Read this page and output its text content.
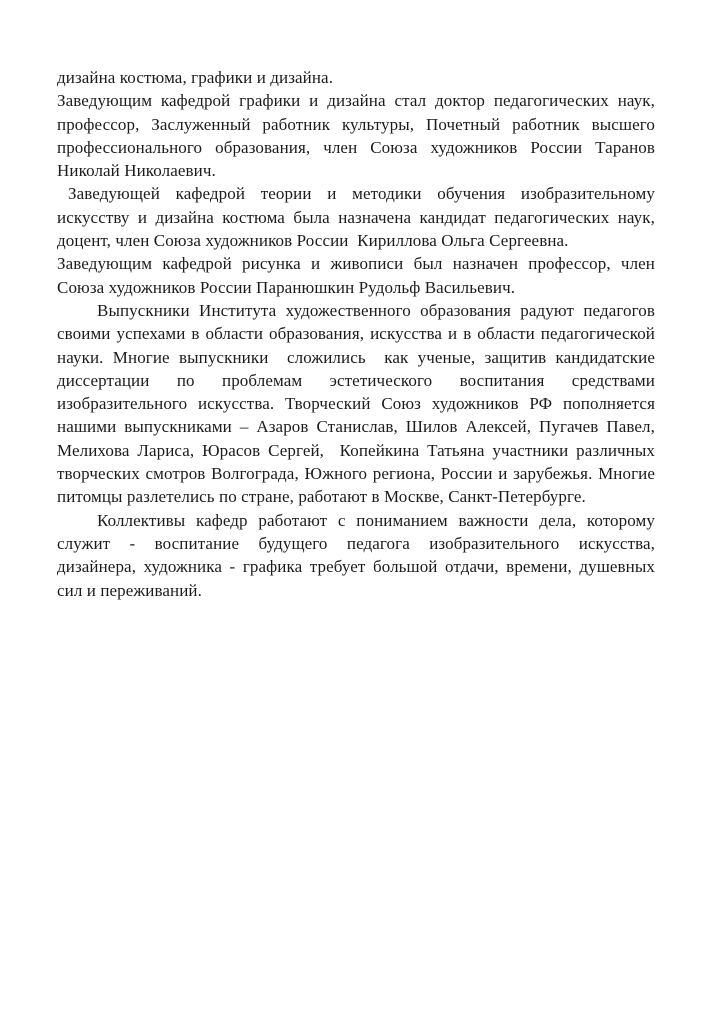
дизайна костюма, графики и дизайна.
Заведующим кафедрой графики и дизайна стал доктор педагогических наук,
профессор, Заслуженный работник культуры, Почетный работник высшего
профессионального образования, член Союза художников России Таранов
Николай Николаевич.
Заведующей кафедрой теории и методики обучения изобразительному
искусству и дизайна костюма была назначена кандидат педагогических наук,
доцент, член Союза художников России  Кириллова Ольга Сергеевна.
Заведующим кафедрой рисунка и живописи был назначен профессор, член
Союза художников России Паранюшкин Рудольф Васильевич.
Выпускники Института художественного образования радуют педагогов
своими успехами в области образования, искусства и в области педагогической
науки. Многие выпускники  сложились  как ученые, защитив кандидатские
диссертации по проблемам эстетического воспитания средствами
изобразительного искусства. Творческий Союз художников РФ пополняется
нашими выпускниками – Азаров Станислав, Шилов Алексей, Пугачев Павел,
Мелихова Лариса, Юрасов Сергей,  Копейкина Татьяна участники различных
творческих смотров Волгограда, Южного региона, России и зарубежья. Многие
питомцы разлетелись по стране, работают в Москве, Санкт-Петербурге.
Коллективы кафедр работают с пониманием важности дела, которому
служит - воспитание будущего педагога изобразительного искусства,
дизайнера, художника - графика требует большой отдачи, времени, душевных
сил и переживаний.
